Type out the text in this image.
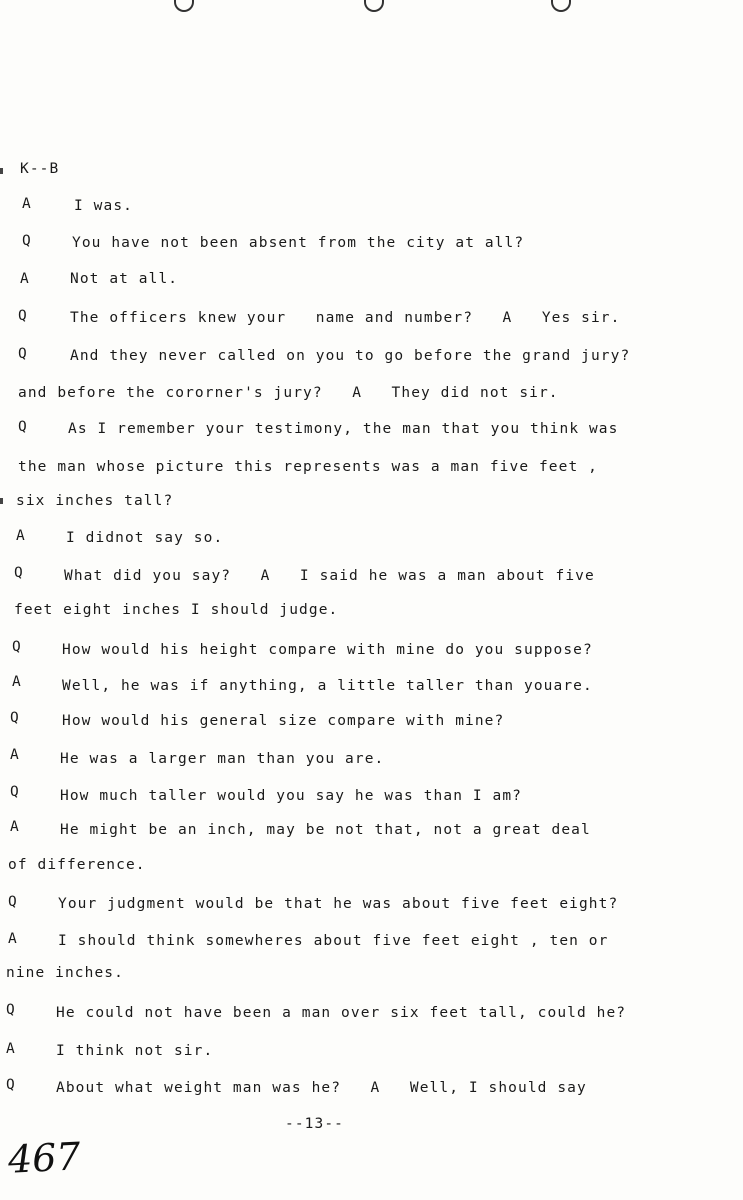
K--B
A	I was.
Q	You have not been absent from the city at all?
A	Not at all.
Q	The officers knew your   name and number?   A   Yes sir.
Q	And they never called on you to go before the grand jury?
and before the cororner's jury?   A   They did not sir.
Q	As I remember your testimony, the man that you think was
the man whose picture this represents was a man five feet ,
six inches tall?
A	I didnot say so.
Q	What did you say?   A   I said he was a man about five
feet eight inches I should judge.
Q	How would his height compare with mine do you suppose?
A	Well, he was if anything, a little taller than youare.
Q	How would his general size compare with mine?
A	He was a larger man than you are.
Q	How much taller would you say he was than I am?
A	He might be an inch, may be not that, not a great deal
of difference.
Q	Your judgment would be that he was about five feet eight?
A	I should think somewheres about five feet eight , ten or
nine inches.
Q	He could not have been a man over six feet tall, could he?
A	I think not sir.
Q	About what weight man was he?   A   Well, I should say
--13--
467
